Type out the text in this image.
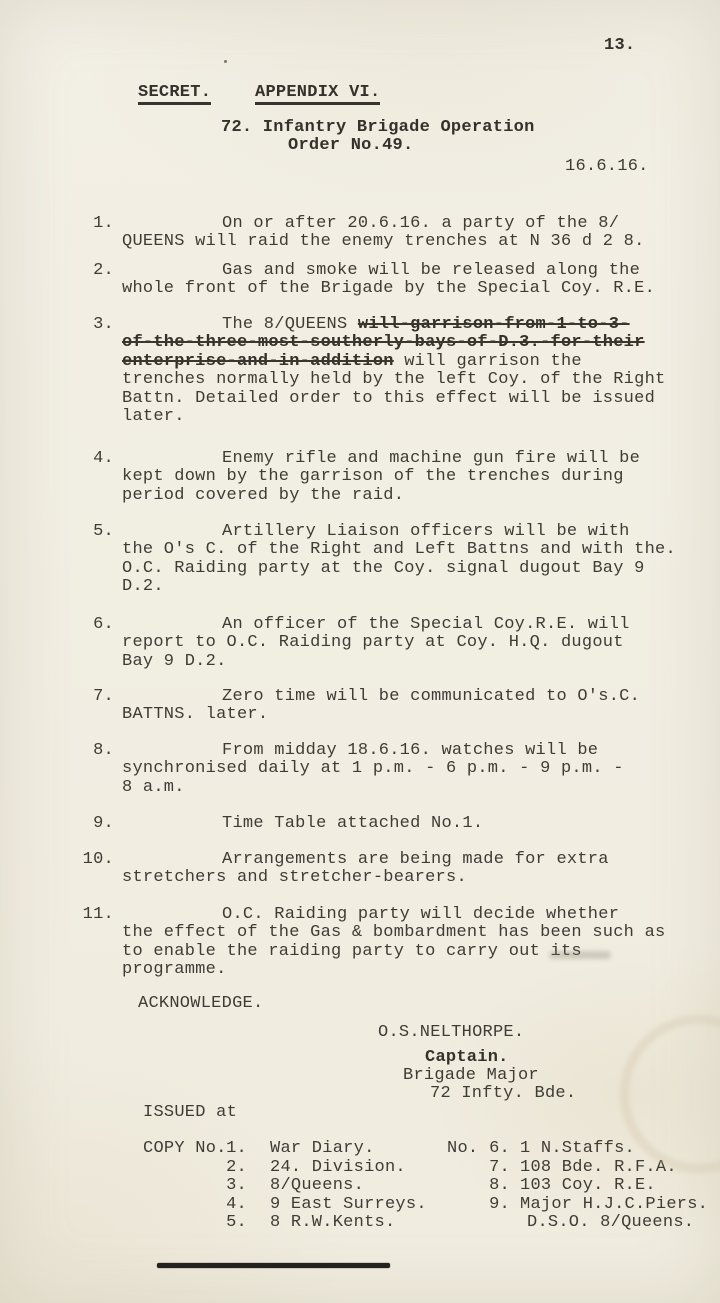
13.
SECRET.	APPENDIX VI.
72. Infantry Brigade Operation
Order No.49.
16.6.16.
1.	On or after 20.6.16. a party of the 8/
QUEENS will raid the enemy trenches at N 36 d 2 8.
2.	Gas and smoke will be released along the
whole front of the Brigade by the Special Coy. R.E.
3.	The 8/QUEENS will-garrison-from-1-to-3-
of-the-three-most-southerly-bays-of-D.3.-for-their
enterprise-and-in-addition will garrison the
trenches normally held by the left Coy. of the Right
Battn. Detailed order to this effect will be issued
later.
4.	Enemy rifle and machine gun fire will be
kept down by the garrison of the trenches during
period covered by the raid.
5.	Artillery Liaison officers will be with
the O's C. of the Right and Left Battns and with the.
O.C. Raiding party at the Coy. signal dugout Bay 9
D.2.
6.	An officer of the Special Coy.R.E. will
report to O.C. Raiding party at Coy. H.Q. dugout
Bay 9 D.2.
7.	Zero time will be communicated to O's.C.
BATTNS. later.
8.	From midday 18.6.16. watches will be
synchronised daily at 1 p.m. - 6 p.m. - 9 p.m. -
8 a.m.
9.	Time Table attached No.1.
10.	Arrangements are being made for extra
stretchers and stretcher-bearers.
11.	O.C. Raiding party will decide whether
the effect of the Gas & bombardment has been such as
to enable the raiding party to carry out its
programme.
ACKNOWLEDGE.
O.S.NELTHORPE.
Captain.
Brigade Major
72 Infty. Bde.
ISSUED at
COPY No. 1. War Diary.	No. 6. 1 N.Staffs.
2. 24. Division.	7. 108 Bde. R.F.A.
3. 8/Queens.	8. 103 Coy. R.E.
4. 9 East Surreys.	9. Major H.J.C.Piers.
5. 8 R.W.Kents.	D.S.O. 8/Queens.
